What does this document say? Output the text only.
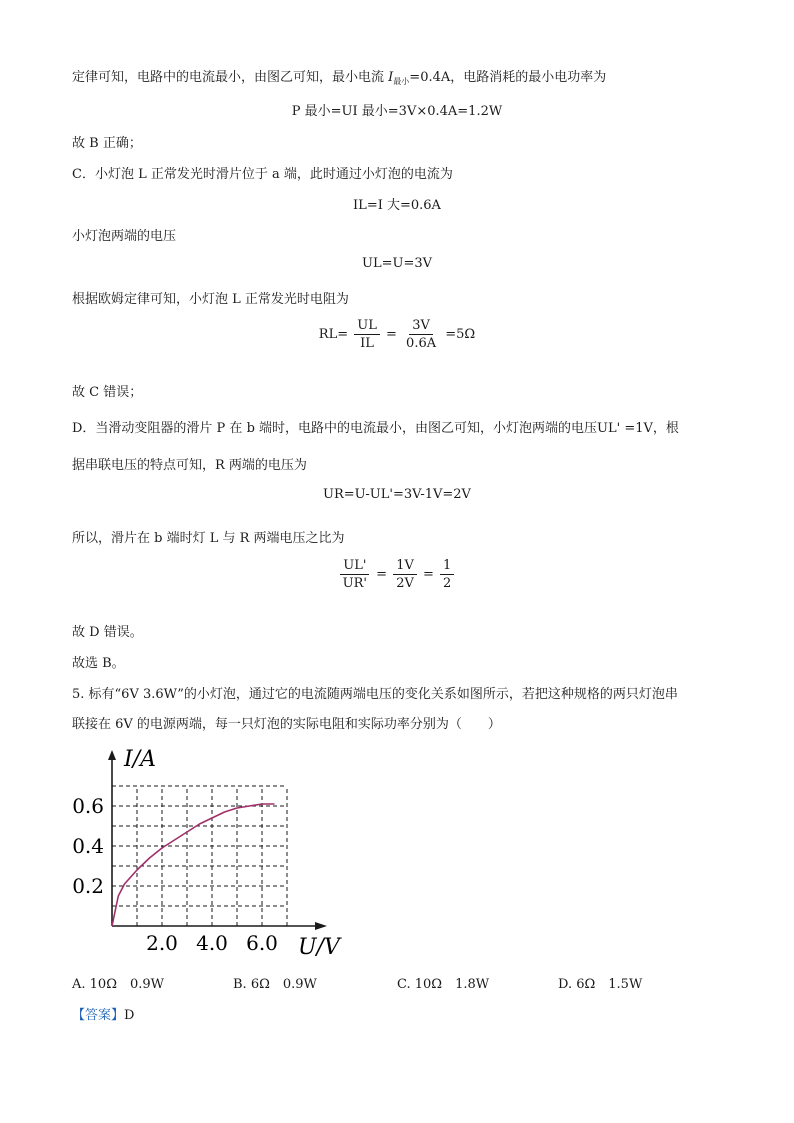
定律可知，电路中的电流最小，由图乙可知，最小电流 $I_{最小}=0.4A$，电路消耗的最小电功率为
P 最小=UI 最小=3V×0.4A=1.2W
故 B 正确；
C．小灯泡 L 正常发光时滑片位于 a 端，此时通过小灯泡的电流为
IL=I 大=0.6A
小灯泡两端的电压
UL=U=3V
根据欧姆定律可知，小灯泡 L 正常发光时电阻为
$RL= \frac{UL}{IL} = \frac{3V}{0.6A} =5\Omega$
故 C 错误；
D．当滑动变阻器的滑片 P 在 b 端时，电路中的电流最小，由图乙可知，小灯泡两端的电压UL' =1V，根
据串联电压的特点可知，R 两端的电压为
UR=U-UL'=3V-1V=2V
所以，滑片在 b 端时灯 L 与 R 两端电压之比为
$\frac{UL'}{UR'} = \frac{1V}{2V} = \frac{1}{2}$
故 D 错误。
故选 B。
5. 标有“6V 3.6W”的小灯泡，通过它的电流随两端电压的变化关系如图所示，若把这种规格的两只灯泡串
联接在 6V 的电源两端，每一只灯泡的实际电阻和实际功率分别为（　　）
I/A
U/V
0.2
0.4
0.6
2.0 4.0 6.0
A. 10Ω　0.9W	B. 6Ω　0.9W	C. 10Ω　1.8W	D. 6Ω　1.5W
【答案】D
